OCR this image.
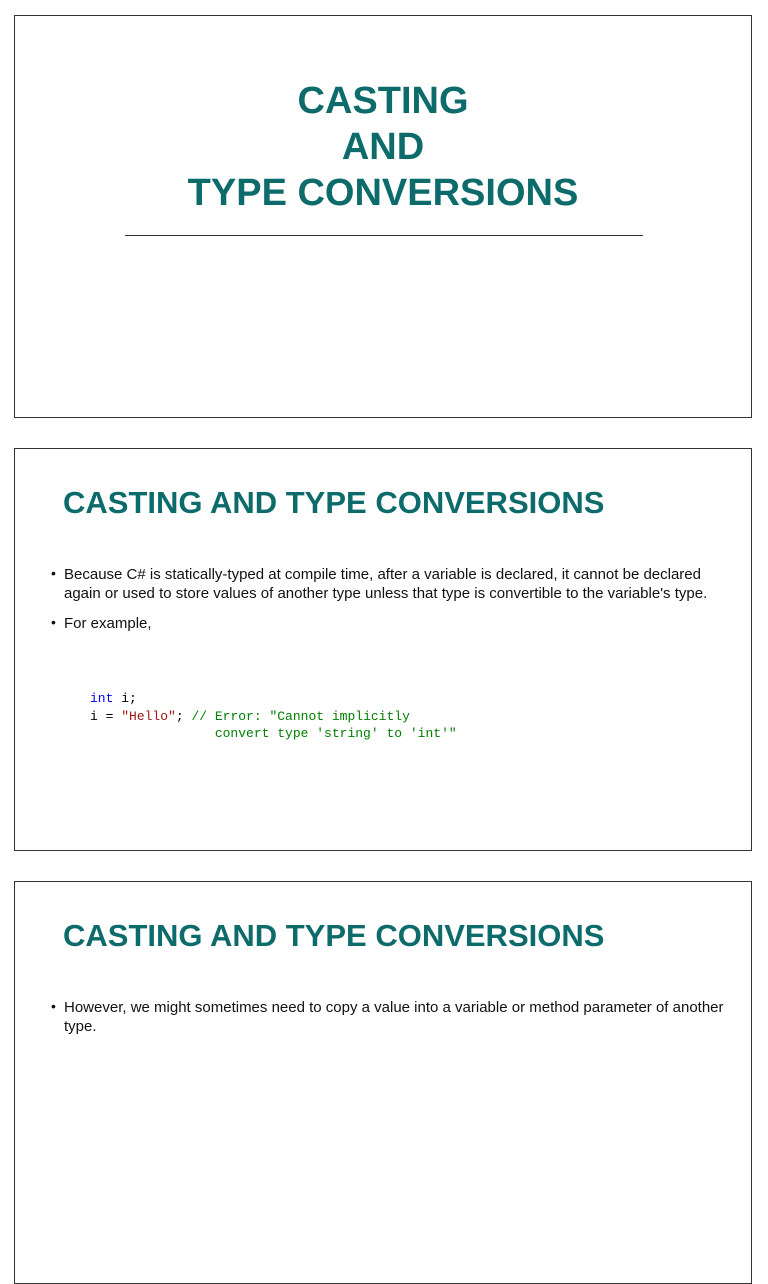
CASTING
AND
TYPE CONVERSIONS
CASTING AND TYPE CONVERSIONS
• Because C# is statically-typed at compile time, after a variable is declared, it cannot be declared again or used to store values of another type unless that type is convertible to the variable's type.
• For example,
int i;
i = "Hello"; // Error: "Cannot implicitly
convert type 'string' to 'int'"
CASTING AND TYPE CONVERSIONS
• However, we might sometimes need to copy a value into a variable or method parameter of another type.
